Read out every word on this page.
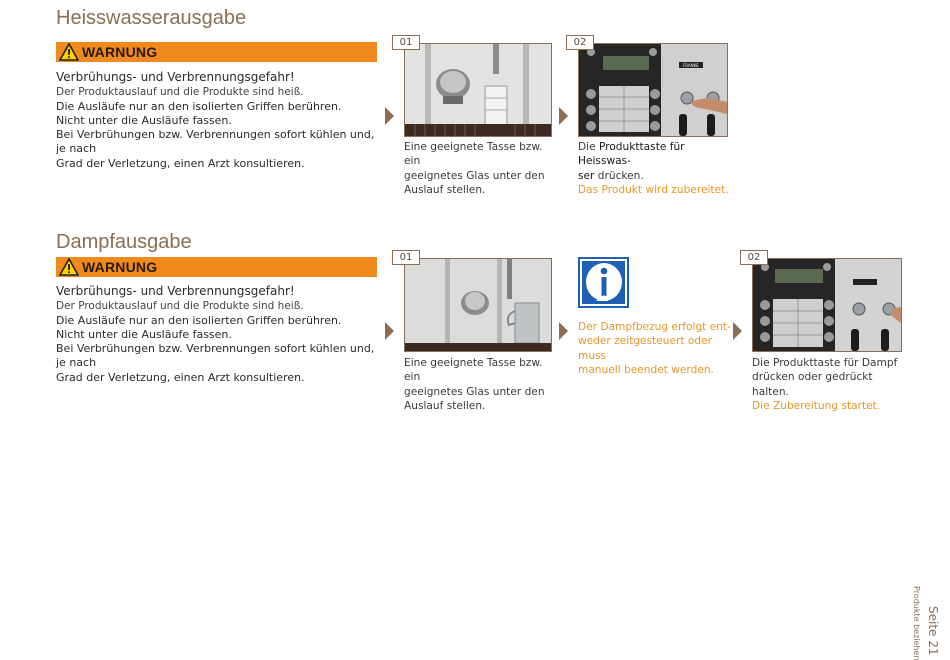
Heisswasserausgabe
WARNUNG
Verbrühungs- und Verbrennungsgefahr!
Der Produktauslauf und die Produkte sind heiß.
Die Ausläufe nur an den isolierten Griffen berühren.
Nicht unter die Ausläufe fassen.
Bei Verbrühungen bzw. Verbrennungen sofort kühlen und, je nach
Grad der Verletzung, einen Arzt konsultieren.
01
Eine geeignete Tasse bzw. ein
geeignetes Glas unter den
Auslauf stellen.
FRANKE
02
Die Produkttaste für Heisswas-
ser drücken.
Das Produkt wird zubereitet.
Dampfausgabe
WARNUNG
Verbrühungs- und Verbrennungsgefahr!
Der Produktauslauf und die Produkte sind heiß.
Die Ausläufe nur an den isolierten Griffen berühren.
Nicht unter die Ausläufe fassen.
Bei Verbrühungen bzw. Verbrennungen sofort kühlen und, je nach
Grad der Verletzung, einen Arzt konsultieren.
01
Eine geeignete Tasse bzw. ein
geeignetes Glas unter den
Auslauf stellen.
Der Dampfbezug erfolgt ent-
weder zeitgesteuert oder muss
manuell beendet werden.
02
Die Produkttaste für Dampf
drücken oder gedrückt halten.
Die Zubereitung startet.
Seite 21
Produkte beziehen
